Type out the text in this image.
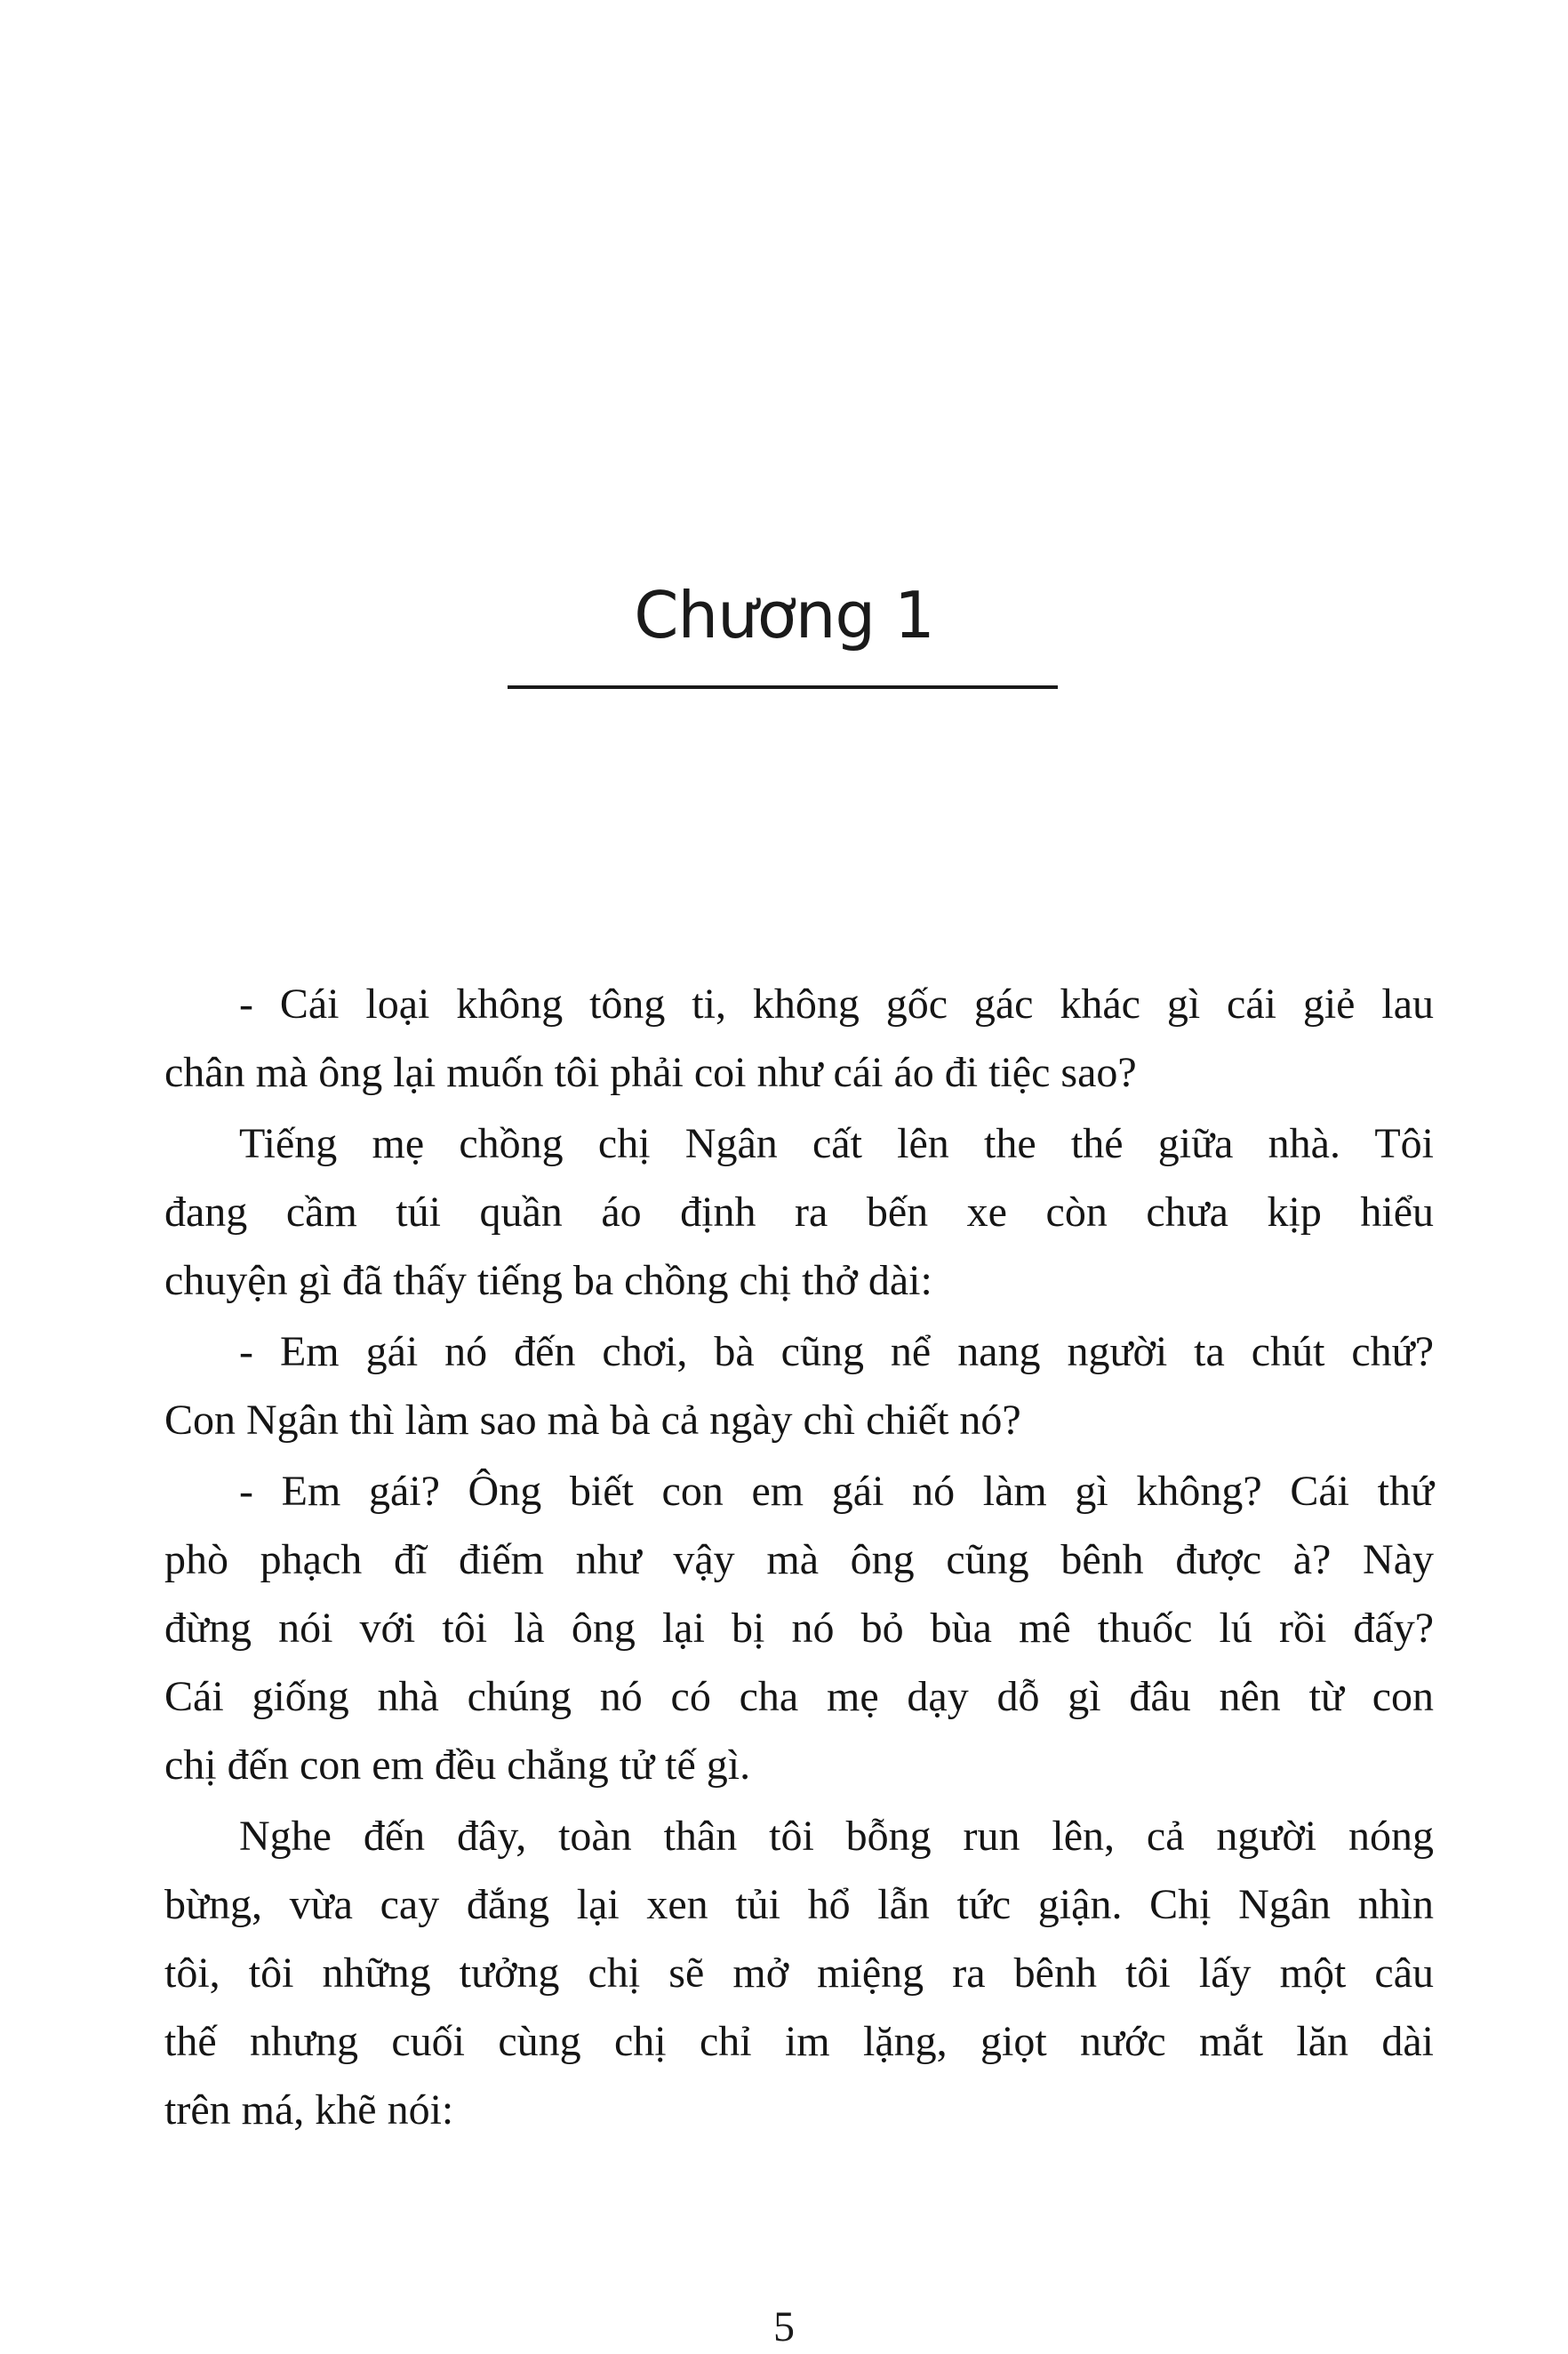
Chương 1
- Cái loại không tông ti, không gốc gác khác gì cái giẻ lau
chân mà ông lại muốn tôi phải coi như cái áo đi tiệc sao?
Tiếng mẹ chồng chị Ngân cất lên the thé giữa nhà. Tôi
đang cầm túi quần áo định ra bến xe còn chưa kịp hiểu
chuyện gì đã thấy tiếng ba chồng chị thở dài:
- Em gái nó đến chơi, bà cũng nể nang người ta chút chứ?
Con Ngân thì làm sao mà bà cả ngày chì chiết nó?
- Em gái? Ông biết con em gái nó làm gì không? Cái thứ
phò phạch đĩ điếm như vậy mà ông cũng bênh được à? Này
đừng nói với tôi là ông lại bị nó bỏ bùa mê thuốc lú rồi đấy?
Cái giống nhà chúng nó có cha mẹ dạy dỗ gì đâu nên từ con
chị đến con em đều chẳng tử tế gì.
Nghe đến đây, toàn thân tôi bỗng run lên, cả người nóng
bừng, vừa cay đắng lại xen tủi hổ lẫn tức giận. Chị Ngân nhìn
tôi, tôi những tưởng chị sẽ mở miệng ra bênh tôi lấy một câu
thế nhưng cuối cùng chị chỉ im lặng, giọt nước mắt lăn dài
trên má, khẽ nói:
5
